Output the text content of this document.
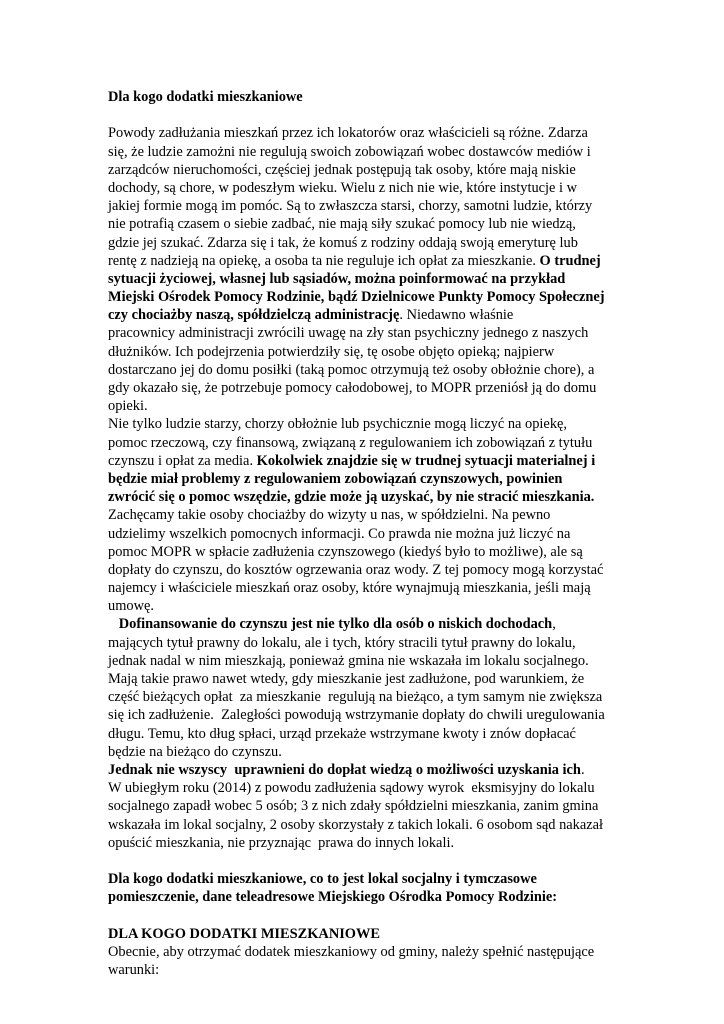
Dla kogo dodatki mieszkaniowe
Powody zadłużania mieszkań przez ich lokatorów oraz właścicieli są różne. Zdarza
się, że ludzie zamożni nie regulują swoich zobowiązań wobec dostawców mediów i
zarządców nieruchomości, częściej jednak postępują tak osoby, które mają niskie
dochody, są chore, w podeszłym wieku. Wielu z nich nie wie, które instytucje i w
jakiej formie mogą im pomóc. Są to zwłaszcza starsi, chorzy, samotni ludzie, którzy
nie potrafią czasem o siebie zadbać, nie mają siły szukać pomocy lub nie wiedzą,
gdzie jej szukać. Zdarza się i tak, że komuś z rodziny oddają swoją emeryturę lub
rentę z nadzieją na opiekę, a osoba ta nie reguluje ich opłat za mieszkanie. O trudnej
sytuacji życiowej, własnej lub sąsiadów, można poinformować na przykład
Miejski Ośrodek Pomocy Rodzinie, bądź Dzielnicowe Punkty Pomocy Społecznej
czy chociażby naszą, spółdzielczą administrację. Niedawno właśnie
pracownicy administracji zwrócili uwagę na zły stan psychiczny jednego z naszych
dłużników. Ich podejrzenia potwierdziły się, tę osobe objęto opieką; najpierw
dostarczano jej do domu posiłki (taką pomoc otrzymują też osoby obłożnie chore), a
gdy okazało się, że potrzebuje pomocy całodobowej, to MOPR przeniósł ją do domu
opieki.
Nie tylko ludzie starzy, chorzy obłożnie lub psychicznie mogą liczyć na opiekę,
pomoc rzeczową, czy finansową, związaną z regulowaniem ich zobowiązań z tytułu
czynszu i opłat za media. Kokolwiek znajdzie się w trudnej sytuacji materialnej i
będzie miał problemy z regulowaniem zobowiązań czynszowych, powinien
zwrócić się o pomoc wszędzie, gdzie może ją uzyskać, by nie stracić mieszkania.
Zachęcamy takie osoby chociażby do wizyty u nas, w spółdzielni. Na pewno
udzielimy wszelkich pomocnych informacji. Co prawda nie można już liczyć na
pomoc MOPR w spłacie zadłużenia czynszowego (kiedyś było to możliwe), ale są
dopłaty do czynszu, do kosztów ogrzewania oraz wody. Z tej pomocy mogą korzystać
najemcy i właściciele mieszkań oraz osoby, które wynajmują mieszkania, jeśli mają
umowę.
Dofinansowanie do czynszu jest nie tylko dla osób o niskich dochodach,
mających tytuł prawny do lokalu, ale i tych, który stracili tytuł prawny do lokalu,
jednak nadal w nim mieszkają, ponieważ gmina nie wskazała im lokalu socjalnego.
Mają takie prawo nawet wtedy, gdy mieszkanie jest zadłużone, pod warunkiem, że
część bieżących opłat  za mieszkanie  regulują na bieżąco, a tym samym nie zwiększa
się ich zadłużenie.  Zaległości powodują wstrzymanie dopłaty do chwili uregulowania
długu. Temu, kto dług spłaci, urząd przekaże wstrzymane kwoty i znów dopłacać
będzie na bieżąco do czynszu.
Jednak nie wszyscy  uprawnieni do dopłat wiedzą o możliwości uzyskania ich.
W ubiegłym roku (2014) z powodu zadłużenia sądowy wyrok  eksmisyjny do lokalu
socjalnego zapadł wobec 5 osób; 3 z nich zdały spółdzielni mieszkania, zanim gmina
wskazała im lokal socjalny, 2 osoby skorzystały z takich lokali. 6 osobom sąd nakazał
opuścić mieszkania, nie przyznając  prawa do innych lokali.
Dla kogo dodatki mieszkaniowe, co to jest lokal socjalny i tymczasowe
pomieszczenie, dane teleadresowe Miejskiego Ośrodka Pomocy Rodzinie:
DLA KOGO DODATKI MIESZKANIOWE
Obecnie, aby otrzymać dodatek mieszkaniowy od gminy, należy spełnić następujące
warunki:
